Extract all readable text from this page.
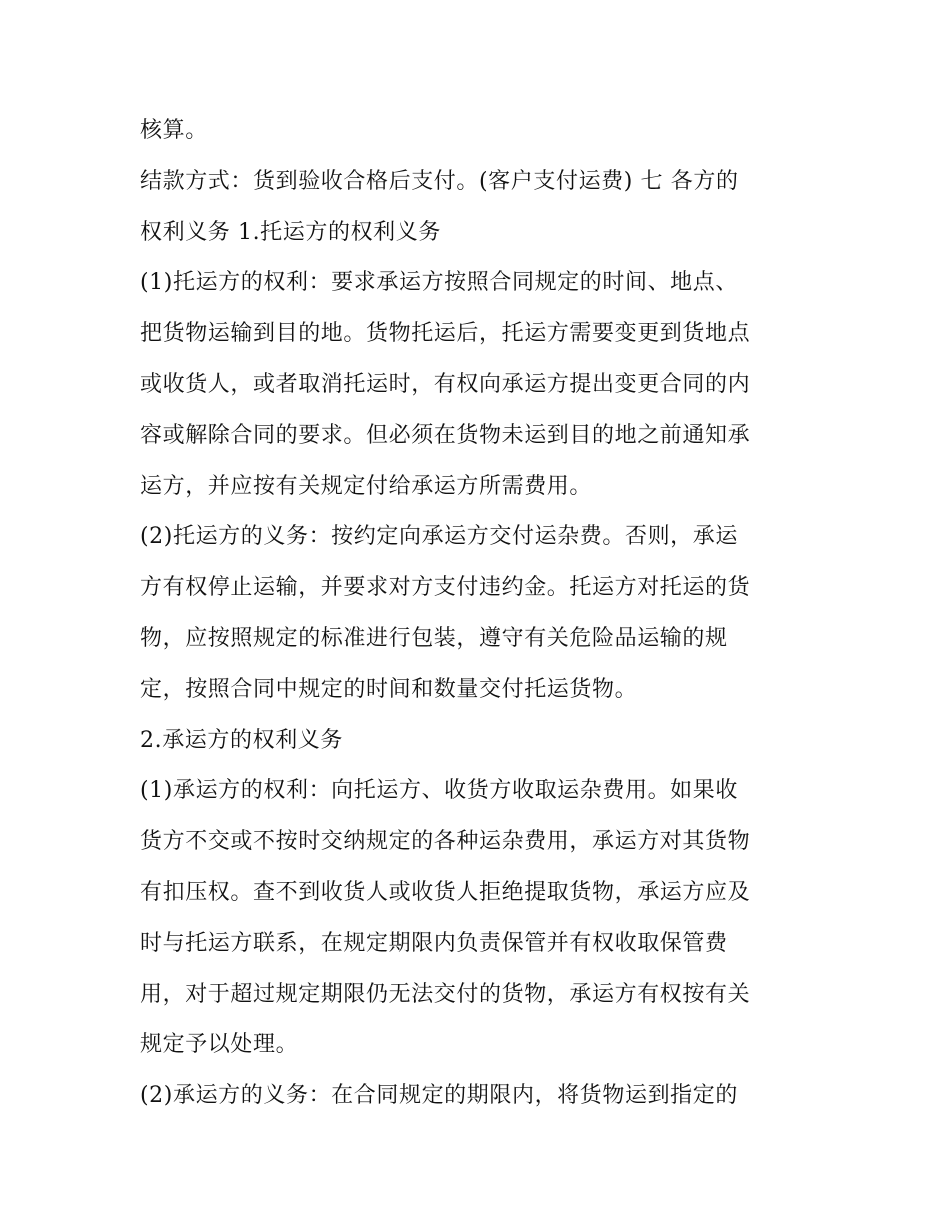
核算。
结款方式：货到验收合格后支付。(客户支付运费) 七 各方的
权利义务 1.托运方的权利义务
(1)托运方的权利：要求承运方按照合同规定的时间、地点、
把货物运输到目的地。货物托运后，托运方需要变更到货地点
或收货人，或者取消托运时，有权向承运方提出变更合同的内
容或解除合同的要求。但必须在货物未运到目的地之前通知承
运方，并应按有关规定付给承运方所需费用。
(2)托运方的义务：按约定向承运方交付运杂费。否则，承运
方有权停止运输，并要求对方支付违约金。托运方对托运的货
物，应按照规定的标准进行包装，遵守有关危险品运输的规
定，按照合同中规定的时间和数量交付托运货物。
2.承运方的权利义务
(1)承运方的权利：向托运方、收货方收取运杂费用。如果收
货方不交或不按时交纳规定的各种运杂费用，承运方对其货物
有扣压权。查不到收货人或收货人拒绝提取货物，承运方应及
时与托运方联系，在规定期限内负责保管并有权收取保管费
用，对于超过规定期限仍无法交付的货物，承运方有权按有关
规定予以处理。
(2)承运方的义务：在合同规定的期限内，将货物运到指定的
